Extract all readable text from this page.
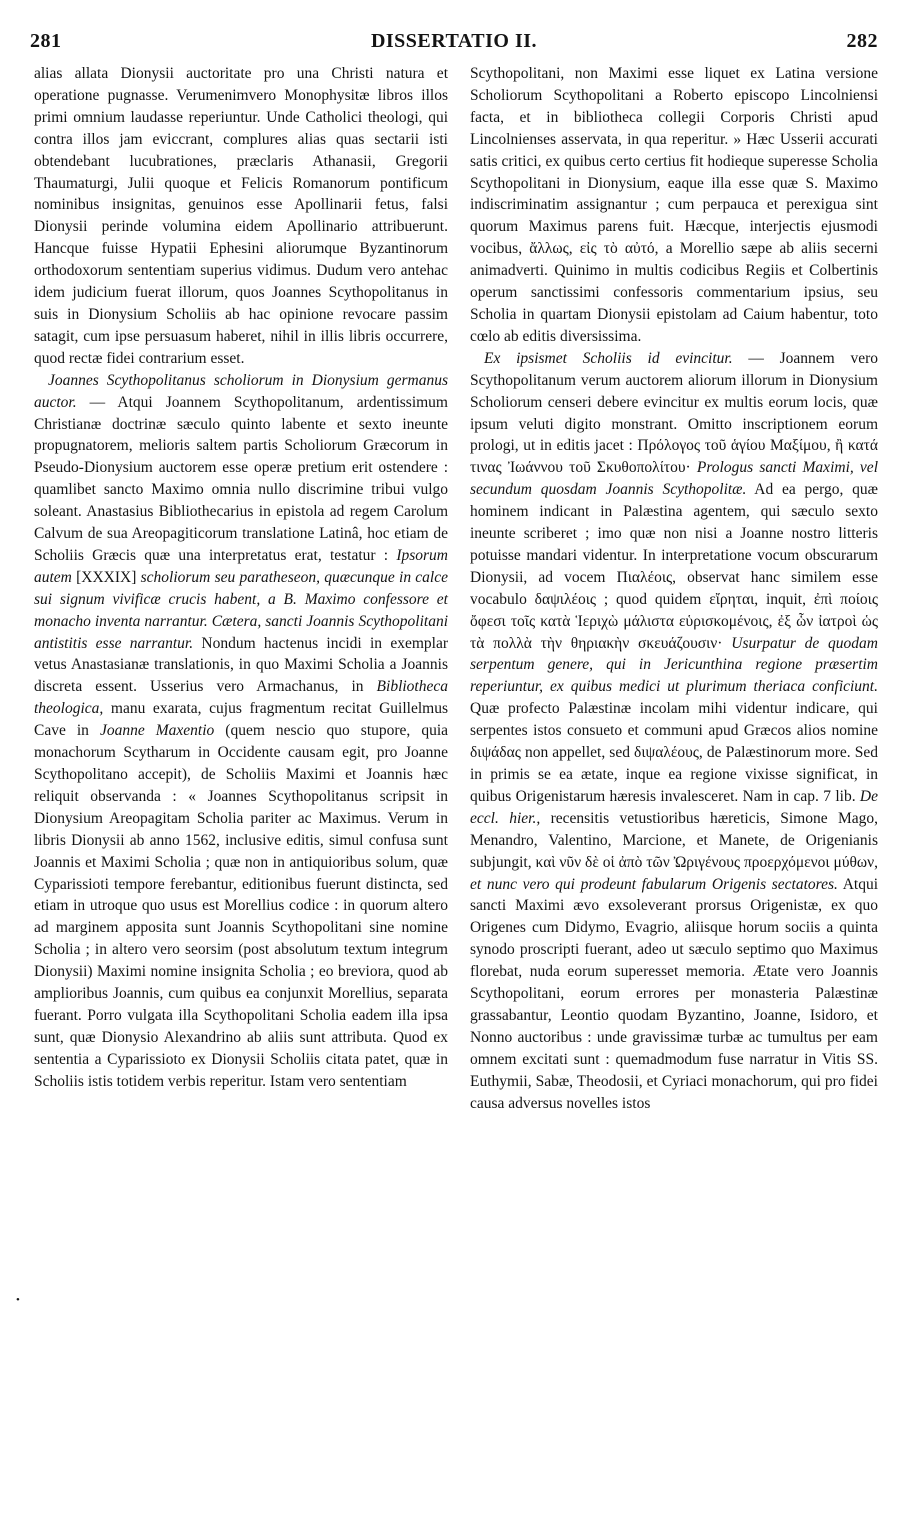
281	DISSERTATIO II.	282
•

alias allata Dionysii auctoritate pro una Christi natura et operatione pugnasse. Verumenimvero Monophysitæ libros illos primi omnium laudasse reperiuntur. Unde Catholici theologi, qui contra illos jam eviccrant, complures alias quas sectarii isti obtendebant lucubrationes, præclaris Athanasii, Gregorii Thaumaturgi, Julii quoque et Felicis Romanorum pontificum nominibus insignitas, genuinos esse Apollinarii fetus, falsi Dionysii perinde volumina eidem Apollinario attribuerunt. Hancque fuisse Hypatii Ephesini aliorumque Byzantinorum orthodoxorum sententiam superius vidimus. Dudum vero antehac idem judicium fuerat illorum, quos Joannes Scythopolitanus in suis in Dionysium Scholiis ab hac opinione revocare passim satagit, cum ipse persuasum haberet, nihil in illis libris occurrere, quod rectæ fidei contrarium esset.

Joannes Scythopolitanus scholiorum in Dionysium germanus auctor. — Atqui Joannem Scythopolitanum, ardentissimum Christianæ doctrinæ sæculo quinto labente et sexto ineunte propugnatorem, melioris saltem partis Scholiorum Græcorum in Pseudo-Dionysium auctorem esse operæ pretium erit ostendere : quamlibet sancto Maximo omnia nullo discrimine tribui vulgo soleant. Anastasius Bibliothecarius in epistola ad regem Carolum Calvum de sua Areopagiticorum translatione Latinâ, hoc etiam de Scholiis Græcis quæ una interpretatus erat, testatur : Ipsorum autem [XXXIX] scholiorum seu paratheseon, quæcunque in calce sui signum vivificæ crucis habent, a B. Maximo confessore et monacho inventa narrantur. Cætera, sancti Joannis Scythopolitani antistitis esse narrantur. Nondum hactenus incidi in exemplar vetus Anastasianæ translationis, in quo Maximi Scholia a Joannis discreta essent. Usserius vero Armachanus, in Bibliotheca theologica, manu exarata, cujus fragmentum recitat Guillelmus Cave in Joanne Maxentio (quem nescio quo stupore, quia monachorum Scytharum in Occidente causam egit, pro Joanne Scythopolitano accepit), de Scholiis Maximi et Joannis hæc reliquit observanda : « Joannes Scythopolitanus scripsit in Dionysium Areopagitam Scholia pariter ac Maximus. Verum in libris Dionysii ab anno 1562, inclusive editis, simul confusa sunt Joannis et Maximi Scholia ; quæ non in antiquioribus solum, quæ Cyparissioti tempore ferebantur, editionibus fuerunt distincta, sed etiam in utroque quo usus est Morellius codice : in quorum altero ad marginem apposita sunt Joannis Scythopolitani sine nomine Scholia ; in altero vero seorsim (post absolutum textum integrum Dionysii) Maximi nomine insignita Scholia ; eo breviora, quod ab amplioribus Joannis, cum quibus ea conjunxit Morellius, separata fuerant. Porro vulgata illa Scythopolitani Scholia eadem illa ipsa sunt, quæ Dionysio Alexandrino ab aliis sunt attributa. Quod ex sententia a Cyparissioto ex Dionysii Scholiis citata patet, quæ in Scholiis istis totidem verbis reperitur. Istam vero sententiam

Scythopolitani, non Maximi esse liquet ex Latina versione Scholiorum Scythopolitani a Roberto episcopo Lincolniensi facta, et in bibliotheca collegii Corporis Christi apud Lincolnienses asservata, in qua reperitur. » Hæc Usserii accurati satis critici, ex quibus certo certius fit hodieque superesse Scholia Scythopolitani in Dionysium, eaque illa esse quæ S. Maximo indiscriminatim assignantur ; cum perpauca et perexigua sint quorum Maximus parens fuit. Hæcque, interjectis ejusmodi vocibus, ἄλλως, εἰς τὸ αὐτό, a Morellio sæpe ab aliis secerni animadverti. Quinimo in multis codicibus Regiis et Colbertinis operum sanctissimi confessoris commentarium ipsius, seu Scholia in quartam Dionysii epistolam ad Caium habentur, toto cœlo ab editis diversissima.

Ex ipsismet Scholiis id evincitur. — Joannem vero Scythopolitanum verum auctorem aliorum illorum in Dionysium Scholiorum censeri debere evincitur ex multis eorum locis, quæ ipsum veluti digito monstrant. Omitto inscriptionem eorum prologi, ut in editis jacet : Πρόλογος τοῦ ἁγίου Μαξίμου, ἢ κατά τινας Ἰωάννου τοῦ Σκυθοπολίτου· Prologus sancti Maximi, vel secundum quosdam Joannis Scythopolitæ. Ad ea pergo, quæ hominem indicant in Palæstina agentem, qui sæculo sexto ineunte scriberet ; imo quæ non nisi a Joanne nostro litteris potuisse mandari videntur. In interpretatione vocum obscurarum Dionysii, ad vocem Πιαλέοις, observat hanc similem esse vocabulo δαψιλέοις ; quod quidem εἴρηται, inquit, ἐπὶ ποίοις ὄφεσι τοῖς κατὰ Ἱεριχὼ μάλιστα εὑρισκομένοις, ἐξ ὧν ἰατροὶ ὡς τὰ πολλὰ τὴν θηριακὴν σκευάζουσιν· Usurpatur de quodam serpentum genere, qui in Jericunthina regione præsertim reperiuntur, ex quibus medici ut plurimum theriaca conficiunt. Quæ profecto Palæstinæ incolam mihi videntur indicare, qui serpentes istos consueto et communi apud Græcos alios nomine διψάδας non appellet, sed διψαλέους, de Palæstinorum more. Sed in primis se ea ætate, inque ea regione vixisse significat, in quibus Origenistarum hæresis invalesceret. Nam in cap. 7 lib. De eccl. hier., recensitis vetustioribus hæreticis, Simone Mago, Menandro, Valentino, Marcione, et Manete, de Origenianis subjungit, καὶ νῦν δὲ οἱ ἀπὸ τῶν Ὠριγένους προερχόμενοι μύθων, et nunc vero qui prodeunt fabularum Origenis sectatores. Atqui sancti Maximi ævo exsoleverant prorsus Origenistæ, ex quo Origenes cum Didymo, Evagrio, aliisque horum sociis a quinta synodo proscripti fuerant, adeo ut sæculo septimo quo Maximus florebat, nuda eorum superesset memoria. Ætate vero Joannis Scythopolitani, eorum errores per monasteria Palæstinæ grassabantur, Leontio quodam Byzantino, Joanne, Isidoro, et Nonno auctoribus : unde gravissimæ turbæ ac tumultus per eam omnem excitati sunt : quemadmodum fuse narratur in Vitis SS. Euthymii, Sabæ, Theodosii, et Cyriaci monachorum, qui pro fidei causa adversus novelles istos
